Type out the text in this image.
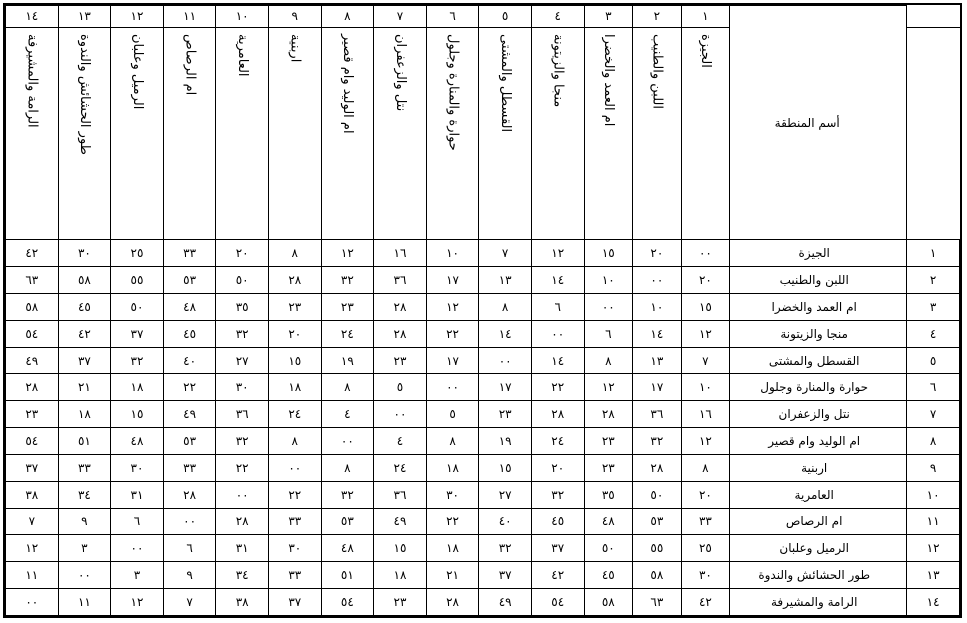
١٤	١٣	١٢	١١	١٠	٩	٨	٧	٦	٥	٤	٣	٢	١	أسم المنطقة	

الرامة والمشيرفة	طور الحشائش والندوة	الرميل وعلبان	ام الرصاص	العامرية	اربنية	ام الوليد وام قصير	نتل والزعفران	حوارة والمنارة وجلول	القسطل والمشتى	منجا والزيتونة	ام العمد والخضرا	اللبن والطنيب	الجيزة		

٤٢	٣٠	٢٥	٣٣	٢٠	٨	١٢	١٦	١٠	٧	١٢	١٥	٢٠	٠٠	الجيزة	١
٦٣	٥٨	٥٥	٥٣	٥٠	٢٨	٣٢	٣٦	١٧	١٣	١٤	١٠	٠٠	٢٠	اللبن والطنيب	٢
٥٨	٤٥	٥٠	٤٨	٣٥	٢٣	٢٣	٢٨	١٢	٨	٦	٠٠	١٠	١٥	ام العمد والخضرا	٣
٥٤	٤٢	٣٧	٤٥	٣٢	٢٠	٢٤	٢٨	٢٢	١٤	٠٠	٦	١٤	١٢	منجا والزيتونة	٤
٤٩	٣٧	٣٢	٤٠	٢٧	١٥	١٩	٢٣	١٧	٠٠	١٤	٨	١٣	٧	القسطل والمشتى	٥
٢٨	٢١	١٨	٢٢	٣٠	١٨	٨	٥	٠٠	١٧	٢٢	١٢	١٧	١٠	حوارة والمنارة وجلول	٦
٢٣	١٨	١٥	٤٩	٣٦	٢٤	٤	٠٠	٥	٢٣	٢٨	٢٨	٣٦	١٦	نتل والزعفران	٧
٥٤	٥١	٤٨	٥٣	٣٢	٨	٠٠	٤	٨	١٩	٢٤	٢٣	٣٢	١٢	ام الوليد وام قصير	٨
٣٧	٣٣	٣٠	٣٣	٢٢	٠٠	٨	٢٤	١٨	١٥	٢٠	٢٣	٢٨	٨	اربنية	٩
٣٨	٣٤	٣١	٢٨	٠٠	٢٢	٣٢	٣٦	٣٠	٢٧	٣٢	٣٥	٥٠	٢٠	العامرية	١٠
٧	٩	٦	٠٠	٢٨	٣٣	٥٣	٤٩	٢٢	٤٠	٤٥	٤٨	٥٣	٣٣	ام الرصاص	١١
١٢	٣	٠٠	٦	٣١	٣٠	٤٨	١٥	١٨	٣٢	٣٧	٥٠	٥٥	٢٥	الرميل وعلبان	١٢
١١	٠٠	٣	٩	٣٤	٣٣	٥١	١٨	٢١	٣٧	٤٢	٤٥	٥٨	٣٠	طور الحشائش والندوة	١٣
٠٠	١١	١٢	٧	٣٨	٣٧	٥٤	٢٣	٢٨	٤٩	٥٤	٥٨	٦٣	٤٢	الرامة والمشيرفة	١٤
